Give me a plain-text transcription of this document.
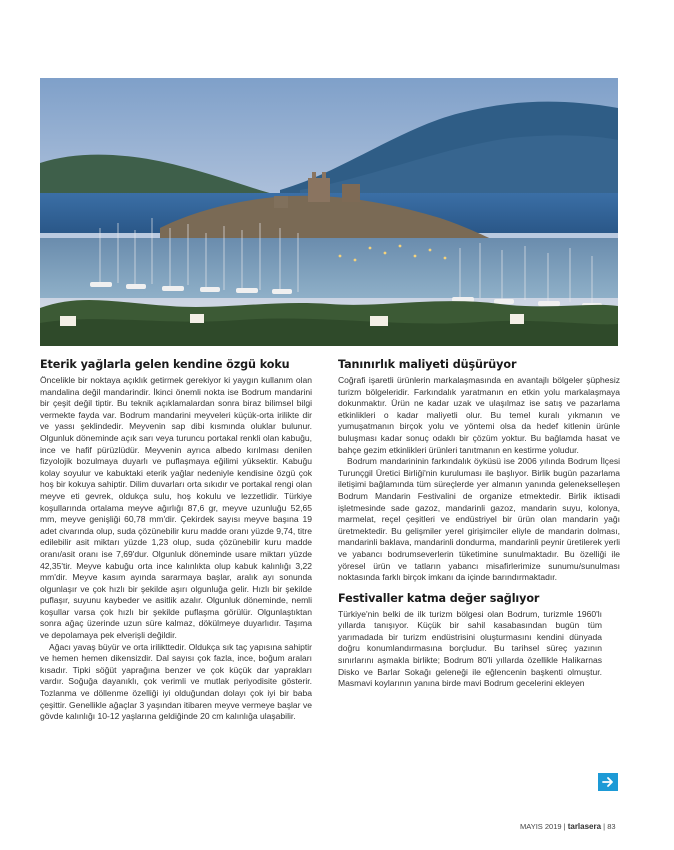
Eterik yağlarla gelen kendine özgü koku

Öncelikle bir noktaya açıklık getirmek gerekiyor ki yaygın kullanım olan mandalina değil mandarindir. İkinci önemli nokta ise Bodrum mandarini bir çeşit değil tiptir. Bu teknik açıklamalardan sonra biraz bilimsel bilgi vermekte fayda var. Bodrum mandarini meyveleri küçük-orta irilikte dir ve yassı şeklindedir. Meyvenin sap dibi kısmında oluklar bulunur. Olgunluk döneminde açık sarı veya turuncu portakal renkli olan kabuğu, ince ve hafif pürüzlüdür. Meyvenin ayrıca albedo kırılması denilen fizyolojik bozulmaya duyarlı ve puflaşmaya eğilimi yüksektir. Kabuğu kolay soyulur ve kabuktaki eterik yağlar nedeniyle kendisine özgü çok hoş bir kokuya sahiptir. Dilim duvarları orta sıkıdır ve portakal rengi olan meyve eti gevrek, oldukça sulu, hoş kokulu ve lezzetlidir. Türkiye koşullarında ortalama meyve ağırlığı 87,6 gr, meyve uzunluğu 52,65 mm, meyve genişliği 60,78 mm'dir. Çekirdek sayısı meyve başına 19 adet civarında olup, suda çözünebilir kuru madde oranı yüzde 9,74, titre edilebilir asit miktarı yüzde 1,23 olup, suda çözünebilir kuru madde oranı/asit oranı ise 7,69'dur. Olgunluk döneminde usare miktarı yüzde 42,35'tir. Meyve kabuğu orta ince kalınlıkta olup kabuk kalınlığı 3,22 mm'dir. Meyve kasım ayında sararmaya başlar, aralık ayı sonunda olgunlaşır ve çok hızlı bir şekilde aşırı olgunluğa gelir. Hızlı bir şekilde puflaşır, suyunu kaybeder ve asitlik azalır. Olgunluk döneminde, nemli koşullar varsa çok hızlı bir şekilde puflaşma görülür. Olgunlaştıktan sonra ağaç üzerinde uzun süre kalmaz, dökülmeye duyarlıdır. Taşıma ve depolamaya pek elverişli değildir.

Ağacı yavaş büyür ve orta irilikttedir. Oldukça sık taç yapısına sahiptir ve hemen hemen dikensizdir. Dal sayısı çok fazla, ince, boğum araları kısadır. Tipki söğüt yaprağına benzer ve çok küçük dar yaprakları vardır. Soğuğa dayanıklı, çok verimli ve mutlak periyodisite gösterir. Tozlanma ve döllenme özelliği iyi olduğundan dolayı çok iyi bir baba çeşittir. Genellikle ağaçlar 3 yaşından itibaren meyve vermeye başlar ve gövde kalınlığı 10-12 yaşlarına geldiğinde 20 cm kalınlığa ulaşabilir.

Tanınırlık maliyeti düşürüyor

Coğrafi işaretli ürünlerin markalaşmasında en avantajlı bölgeler şüphesiz turizm bölgeleridir. Farkındalık yaratmanın en etkin yolu markalaşmaya dokunmaktır. Ürün ne kadar uzak ve ulaşılmaz ise satış ve pazarlama etkinlikleri o kadar maliyetli olur. Bu temel kuralı yıkmanın ve yumuşatmanın birçok yolu ve yöntemi olsa da hedef kitlenin ürünle buluşması kadar sonuç odaklı bir çözüm yoktur. Bu bağlamda hasat ve bahçe gezim etkinlikleri ürünleri tanıtmanın en kestirme yoludur.

Bodrum mandarininin farkındalık öyküsü ise 2006 yılında Bodrum İlçesi Turunçgil Üretici Birliği'nin kuruluması ile başlıyor. Birlik bugün pazarlama iletişimi bağlamında tüm süreçlerde yer almanın yanında gelenekselleşen Bodrum Mandarin Festivalini de organize etmektedir. Birlik iktisadi işletmesinde sade gazoz, mandarinli gazoz, mandarin suyu, kolonya, marmelat, reçel çeşitleri ve endüstriyel bir ürün olan mandarin yağı üretmektedir. Bu gelişmiler yerel girişimciler eliyle de mandarin dolması, mandarinli baklava, mandarinli dondurma, mandarinli peynir üretilerek yerli ve yabancı bodrumseverlerin tüketimine sunulmaktadır. Bu özelliği ile yöresel ürün ve tatların yabancı misafirlerimize sunumu/sunulması noktasında farklı birçok imkanı da içinde barındırmaktadır.

Festivaller katma değer sağlıyor

Türkiye'nin belki de ilk turizm bölgesi olan Bodrum, turizmle 1960'lı yıllarda tanışıyor. Küçük bir sahil kasabasından bugün tüm yarımadada bir turizm endüstrisini oluşturmasını kendini dünyada doğru konumlandırmasına borçludur. Bu tarihsel süreç yazının sınırlarını aşmakla birlikte; Bodrum 80'li yıllarda özellikle Halikarnas Disko ve Barlar Sokağı geleneği ile eğlencenin başkenti olmuştur. Masmavi koylarının yanına birde mavi Bodrum gecelerini ekleyen

MAYIS 2019 | tarlasera | 83
